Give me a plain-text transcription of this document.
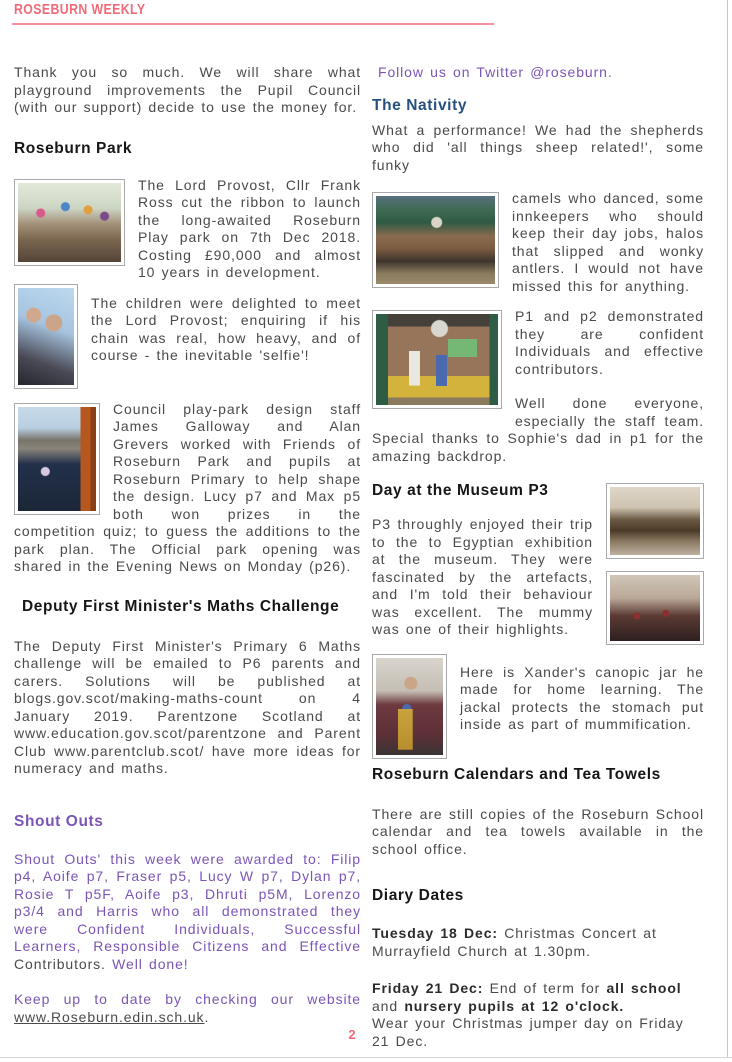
ROSEBURN WEEKLY

Thank you so much. We will share what playground improvements the Pupil Council (with our support) decide to use the money for.

Roseburn Park

The Lord Provost, Cllr Frank Ross cut the ribbon to launch the long-awaited Roseburn Play park on 7th Dec 2018. Costing £90,000 and almost 10 years in development.

The children were delighted to meet the Lord Provost; enquiring if his chain was real, how heavy, and of course - the inevitable 'selfie'!

Council play-park design staff James Galloway and Alan Grevers worked with Friends of Roseburn Park and pupils at Roseburn Primary to help shape the design. Lucy p7 and Max p5 both won prizes in the competition quiz; to guess the additions to the park plan. The Official park opening was shared in the Evening News on Monday (p26).

Deputy First Minister's Maths Challenge

The Deputy First Minister's Primary 6 Maths challenge will be emailed to P6 parents and carers. Solutions will be published at blogs.gov.scot/making-maths-count on 4 January 2019. Parentzone Scotland at www.education.gov.scot/parentzone and Parent Club www.parentclub.scot/ have more ideas for numeracy and maths.

Shout Outs

Shout Outs' this week were awarded to: Filip p4, Aoife p7, Fraser p5, Lucy W p7, Dylan p7, Rosie T p5F, Aoife p3, Dhruti p5M, Lorenzo p3/4 and Harris who all demonstrated they were Confident Individuals, Successful Learners, Responsible Citizens and Effective Contributors. Well done!

Keep up to date by checking our website www.Roseburn.edin.sch.uk.

Follow us on Twitter @roseburn.

The Nativity

What a performance! We had the shepherds who did 'all things sheep related!', some funky

camels who danced, some innkeepers who should keep their day jobs, halos that slipped and wonky antlers. I would not have missed this for anything.

P1 and p2 demonstrated they are confident Individuals and effective contributors.

Well done everyone, especially the staff team. Special thanks to Sophie's dad in p1 for the amazing backdrop.

Day at the Museum P3

P3 throughly enjoyed their trip to the to Egyptian exhibition at the museum. They were fascinated by the artefacts, and I'm told their behaviour was excellent. The mummy was one of their highlights.

Here is Xander's canopic jar he made for home learning. The jackal protects the stomach put inside as part of mummification.

Roseburn Calendars and Tea Towels

There are still copies of the Roseburn School calendar and tea towels available in the school office.

Diary Dates

Tuesday 18 Dec: Christmas Concert at Murrayfield Church at 1.30pm.

Friday 21 Dec: End of term for all school and nursery pupils at 12 o'clock.
Wear your Christmas jumper day on Friday 21 Dec.

2
